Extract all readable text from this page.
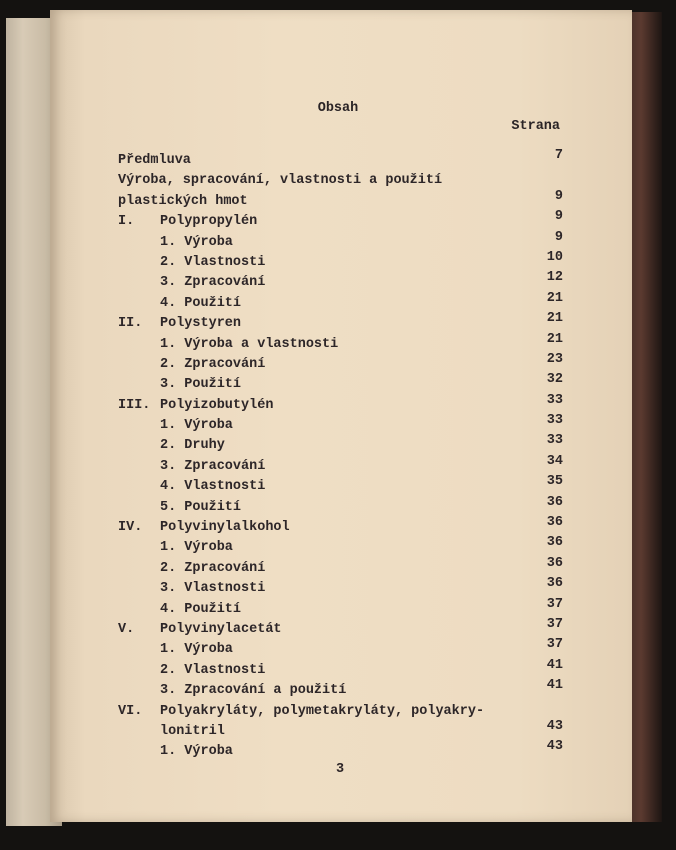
Obsah
Strana
Předmluva	7
Výroba, spracování, vlastnosti a použití
plastických hmot	9
I. Polypropylén	9
1. Výroba	9
2. Vlastnosti	10
3. Zpracování	12
4. Použití	21
II. Polystyren	21
1. Výroba a vlastnosti	21
2. Zpracování	23
3. Použití	32
III. Polyizobutylén	33
1. Výroba	33
2. Druhy	33
3. Zpracování	34
4. Vlastnosti	35
5. Použití	36
IV. Polyvinylalkohol	36
1. Výroba	36
2. Zpracování	36
3. Vlastnosti	36
4. Použití	37
V. Polyvinylacetát	37
1. Výroba	37
2. Vlastnosti	41
3. Zpracování a použití	41
VI. Polyakryláty, polymetakryláty, polyakry-
lonitril	43
1. Výroba	43
3
